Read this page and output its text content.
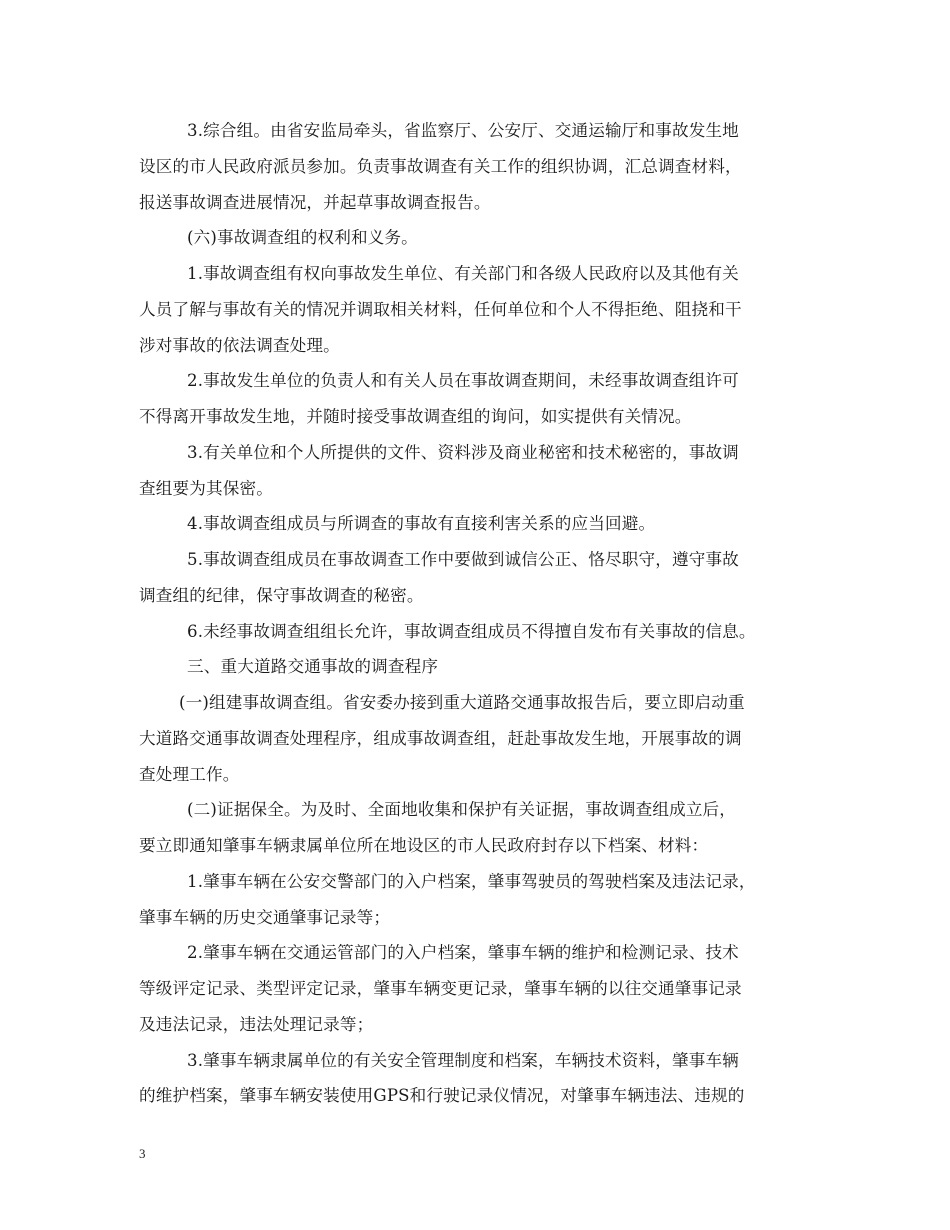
3.综合组。由省安监局牵头，省监察厅、公安厅、交通运输厅和事故发生地
设区的市人民政府派员参加。负责事故调查有关工作的组织协调，汇总调查材料，
报送事故调查进展情况，并起草事故调查报告。
(六)事故调查组的权利和义务。
1.事故调查组有权向事故发生单位、有关部门和各级人民政府以及其他有关
人员了解与事故有关的情况并调取相关材料，任何单位和个人不得拒绝、阻挠和干
涉对事故的依法调查处理。
2.事故发生单位的负责人和有关人员在事故调查期间，未经事故调查组许可
不得离开事故发生地，并随时接受事故调查组的询问，如实提供有关情况。
3.有关单位和个人所提供的文件、资料涉及商业秘密和技术秘密的，事故调
查组要为其保密。
4.事故调查组成员与所调查的事故有直接利害关系的应当回避。
5.事故调查组成员在事故调查工作中要做到诚信公正、恪尽职守，遵守事故
调查组的纪律，保守事故调查的秘密。
6.未经事故调查组组长允许，事故调查组成员不得擅自发布有关事故的信息。
三、重大道路交通事故的调查程序
(一)组建事故调查组。省安委办接到重大道路交通事故报告后，要立即启动重
大道路交通事故调查处理程序，组成事故调查组，赶赴事故发生地，开展事故的调
查处理工作。
(二)证据保全。为及时、全面地收集和保护有关证据，事故调查组成立后，
要立即通知肇事车辆隶属单位所在地设区的市人民政府封存以下档案、材料：
1.肇事车辆在公安交警部门的入户档案，肇事驾驶员的驾驶档案及违法记录，
肇事车辆的历史交通肇事记录等；
2.肇事车辆在交通运管部门的入户档案，肇事车辆的维护和检测记录、技术
等级评定记录、类型评定记录，肇事车辆变更记录，肇事车辆的以往交通肇事记录
及违法记录，违法处理记录等；
3.肇事车辆隶属单位的有关安全管理制度和档案，车辆技术资料，肇事车辆
的维护档案，肇事车辆安装使用GPS和行驶记录仪情况，对肇事车辆违法、违规的
3
